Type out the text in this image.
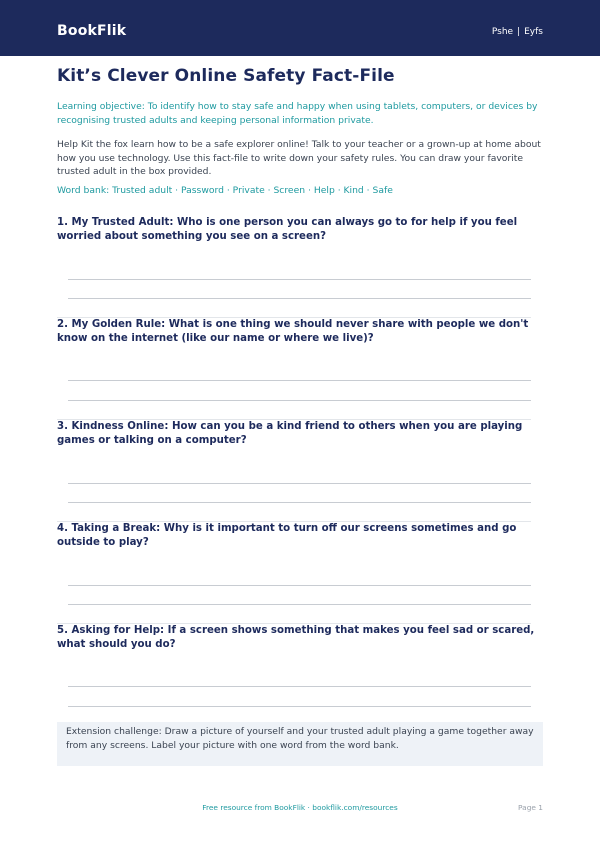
BookFlik	Pshe | Eyfs
Kit’s Clever Online Safety Fact-File
Learning objective: To identify how to stay safe and happy when using tablets, computers, or devices by recognising trusted adults and keeping personal information private.
Help Kit the fox learn how to be a safe explorer online! Talk to your teacher or a grown-up at home about how you use technology. Use this fact-file to write down your safety rules. You can draw your favorite trusted adult in the box provided.
Word bank: Trusted adult · Password · Private · Screen · Help · Kind · Safe
1. My Trusted Adult: Who is one person you can always go to for help if you feel worried about something you see on a screen?
2. My Golden Rule: What is one thing we should never share with people we don't know on the internet (like our name or where we live)?
3. Kindness Online: How can you be a kind friend to others when you are playing games or talking on a computer?
4. Taking a Break: Why is it important to turn off our screens sometimes and go outside to play?
5. Asking for Help: If a screen shows something that makes you feel sad or scared, what should you do?
Extension challenge: Draw a picture of yourself and your trusted adult playing a game together away from any screens. Label your picture with one word from the word bank.
Free resource from BookFlik · bookflik.com/resources	Page 1
